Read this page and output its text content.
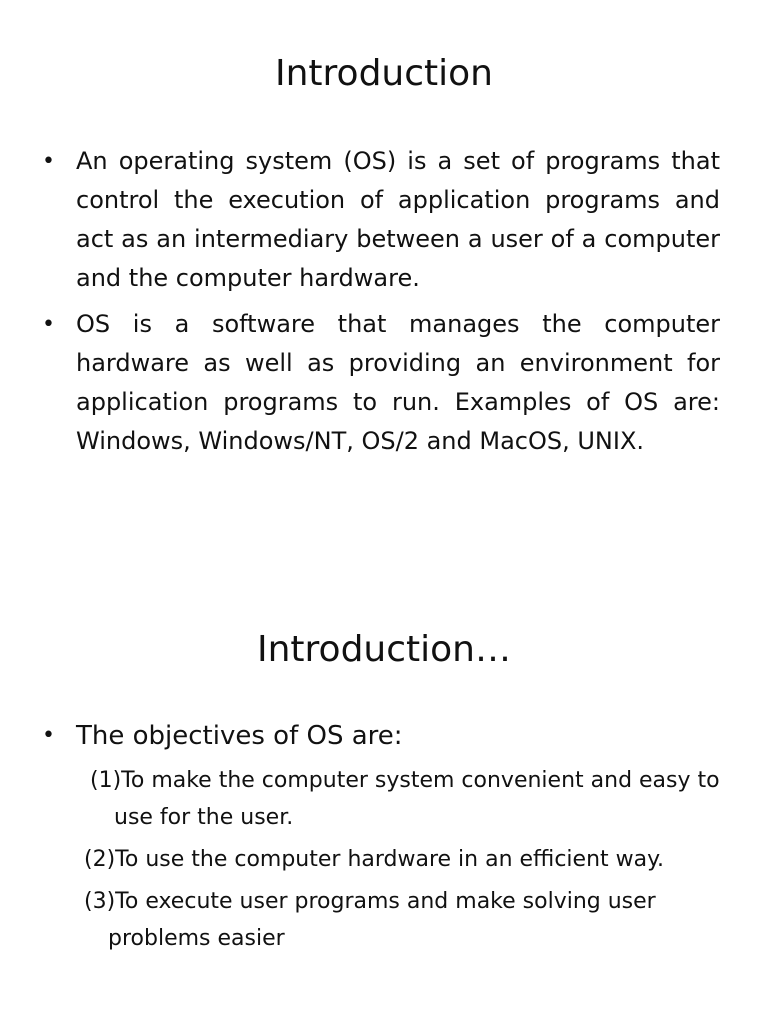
Introduction
• An operating system (OS) is a set of programs that control the execution of application programs and act as an intermediary between a user of a computer and the computer hardware.
• OS is a software that manages the computer hardware as well as providing an environment for application programs to run. Examples of OS are: Windows, Windows/NT, OS/2 and MacOS, UNIX.
Introduction…
• The objectives of OS are:
(1)To make the computer system convenient and easy to use for the user.
(2)To use the computer hardware in an efficient way.
(3)To execute user programs and make solving user problems easier
